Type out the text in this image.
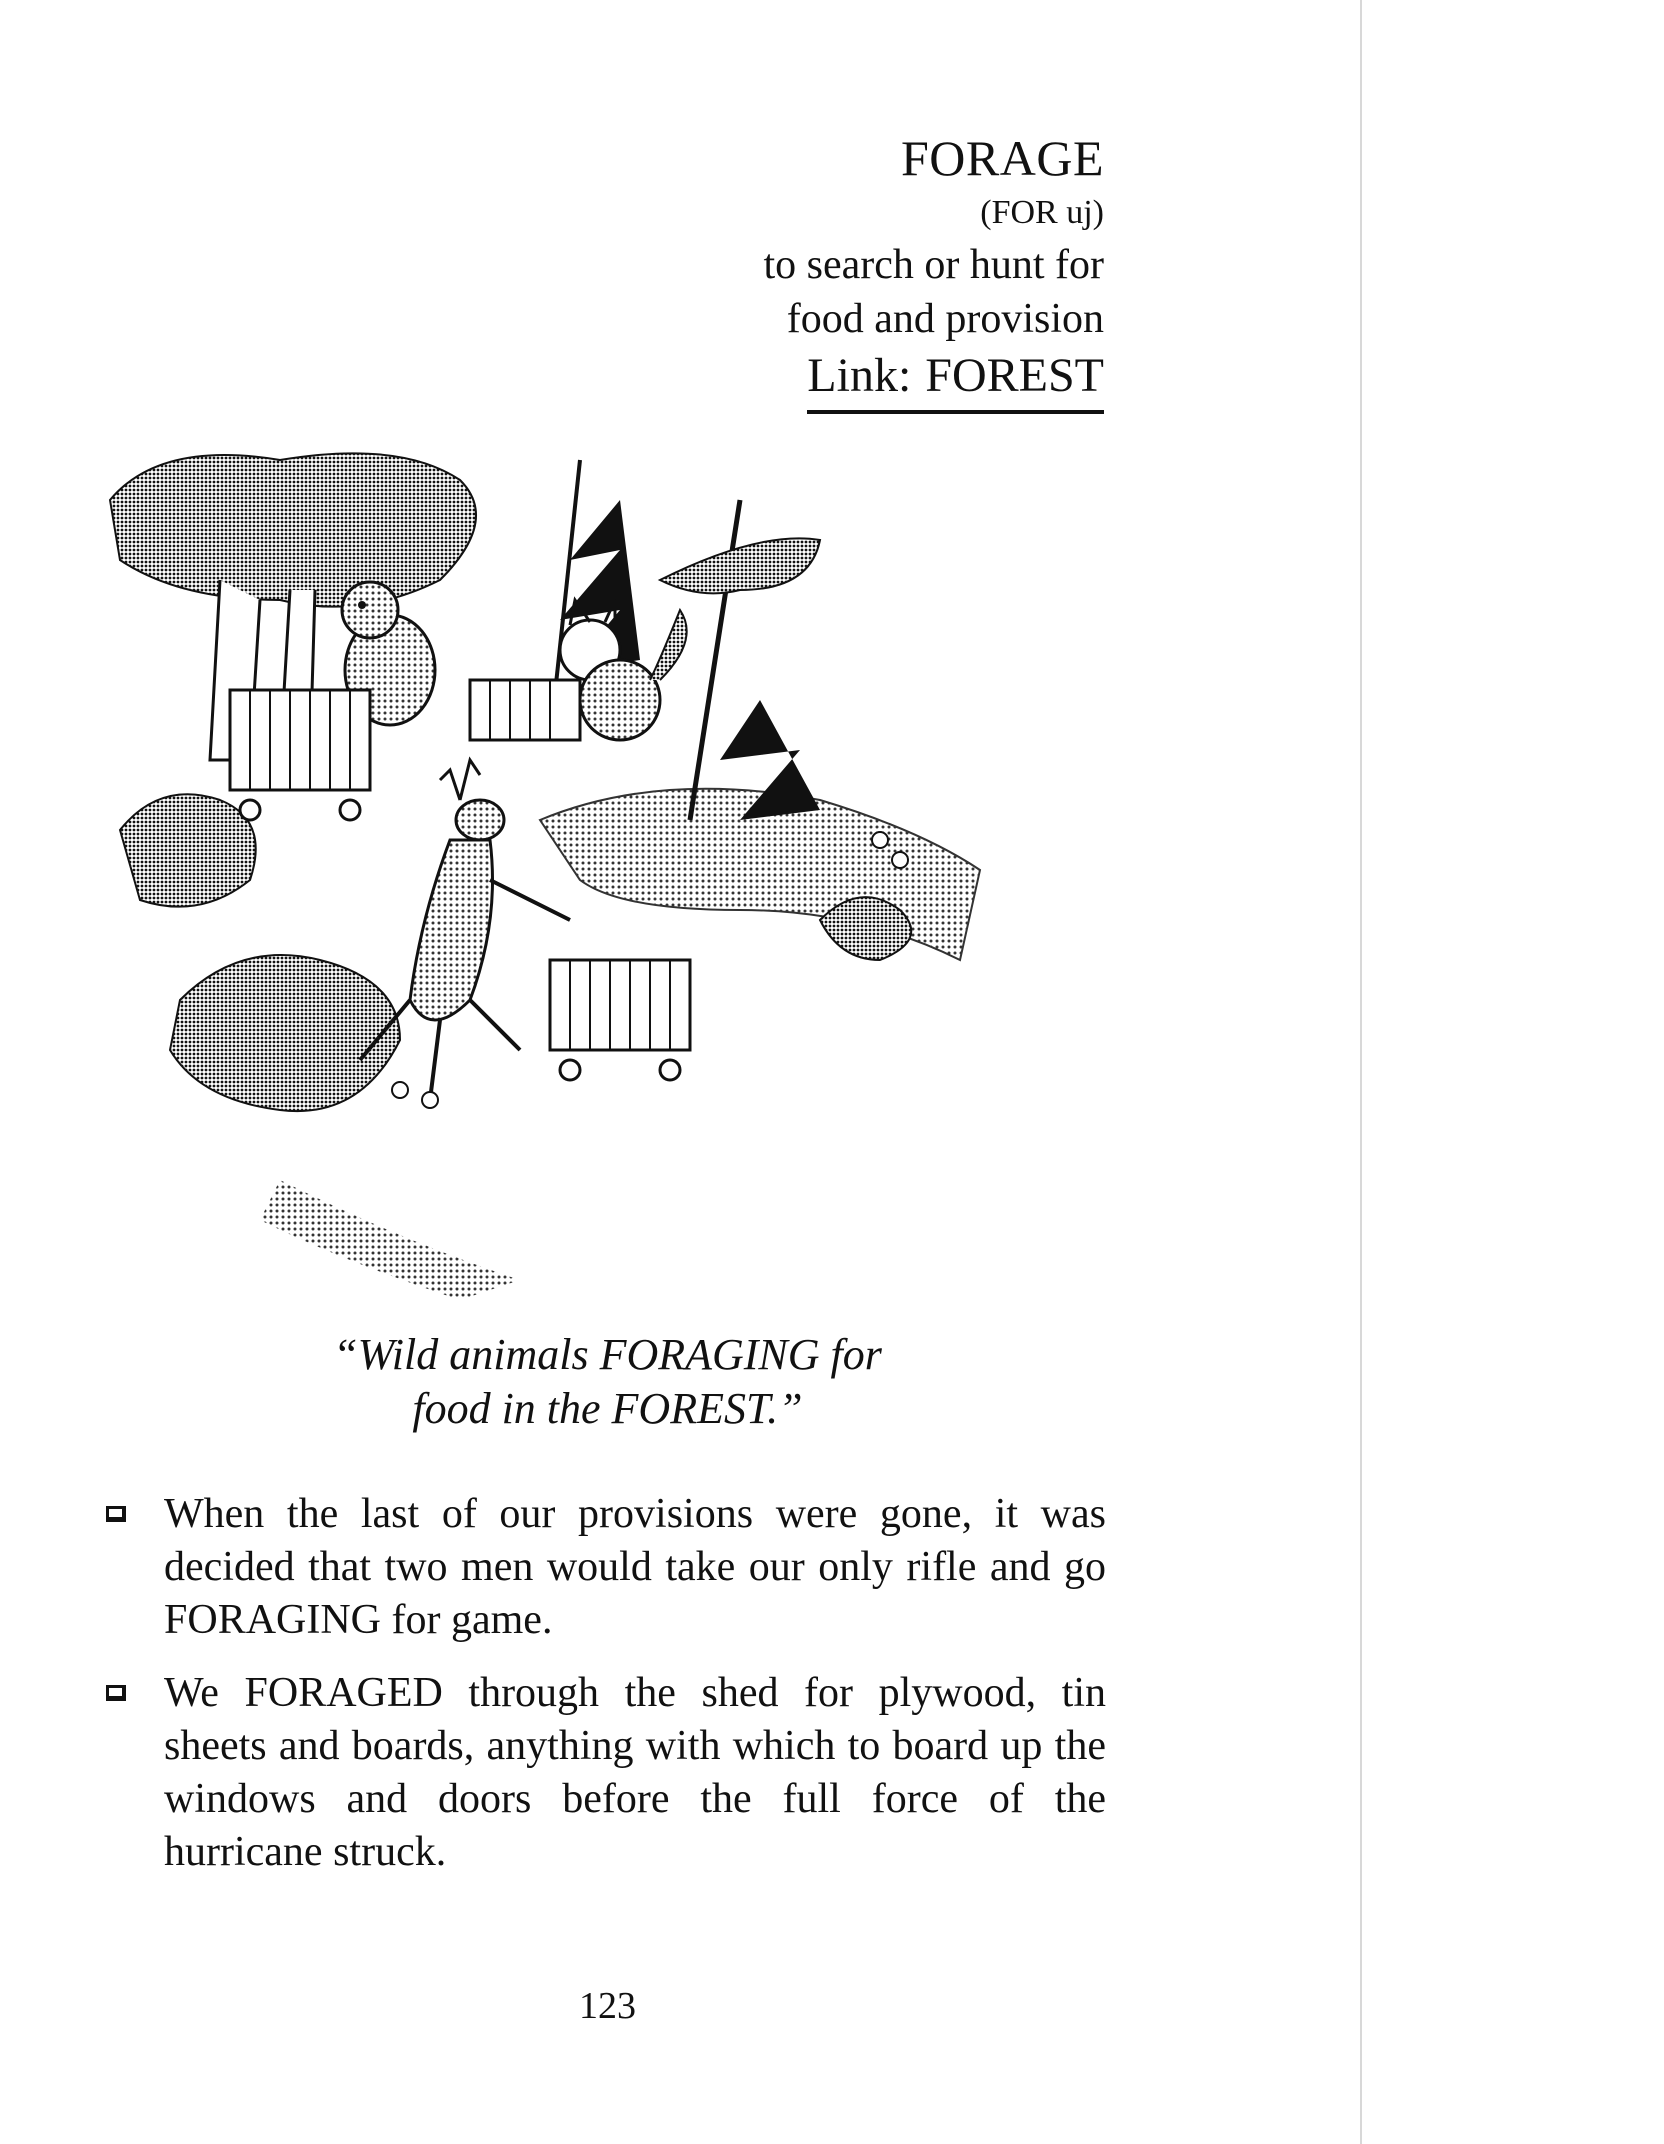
FORAGE
(FOR uj)
to search or hunt for
food and provision
Link: FOREST
“Wild animals FORAGING for
food in the FOREST.”
When the last of our provisions were gone, it was decided that two men would take our only rifle and go FORAGING for game.
We FORAGED through the shed for plywood, tin sheets and boards, anything with which to board up the windows and doors before the full force of the hurricane struck.
123
